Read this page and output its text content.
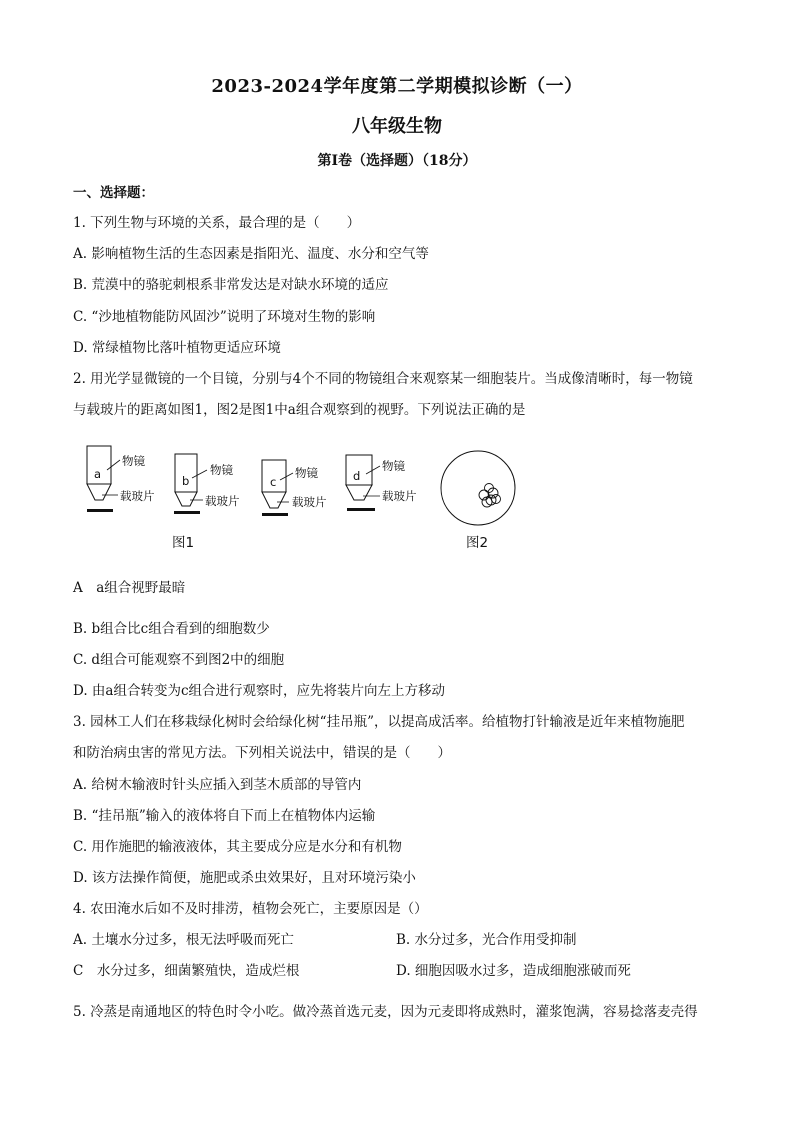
2023-2024学年度第二学期模拟诊断（一）
八年级生物
第Ⅰ卷（选择题）（18分）
一、选择题：
1. 下列生物与环境的关系，最合理的是（　　）
A. 影响植物生活的生态因素是指阳光、温度、水分和空气等
B. 荒漠中的骆驼刺根系非常发达是对缺水环境的适应
C. “沙地植物能防风固沙”说明了环境对生物的影响
D. 常绿植物比落叶植物更适应环境
2. 用光学显微镜的一个目镜，分别与4个不同的物镜组合来观察某一细胞装片。当成像清晰时，每一物镜
与载玻片的距离如图1，图2是图1中a组合观察到的视野。下列说法正确的是
a
物镜
载玻片
b
物镜
载玻片
c
物镜
载玻片
d
物镜
载玻片
图1	图2
A　a组合视野最暗
B. b组合比c组合看到的细胞数少
C. d组合可能观察不到图2中的细胞
D. 由a组合转变为c组合进行观察时，应先将装片向左上方移动
3. 园林工人们在移栽绿化树时会给绿化树“挂吊瓶”，以提高成活率。给植物打针输液是近年来植物施肥
和防治病虫害的常见方法。下列相关说法中，错误的是（　　）
A. 给树木输液时针头应插入到茎木质部的导管内
B. “挂吊瓶”输入的液体将自下而上在植物体内运输
C. 用作施肥的输液液体，其主要成分应是水分和有机物
D. 该方法操作简便，施肥或杀虫效果好，且对环境污染小
4. 农田淹水后如不及时排涝，植物会死亡，主要原因是（）
A. 土壤水分过多，根无法呼吸而死亡	B. 水分过多，光合作用受抑制
C　水分过多，细菌繁殖快，造成烂根	D. 细胞因吸水过多，造成细胞涨破而死
5. 冷蒸是南通地区的特色时令小吃。做冷蒸首选元麦，因为元麦即将成熟时，灌浆饱满，容易捻落麦壳得
